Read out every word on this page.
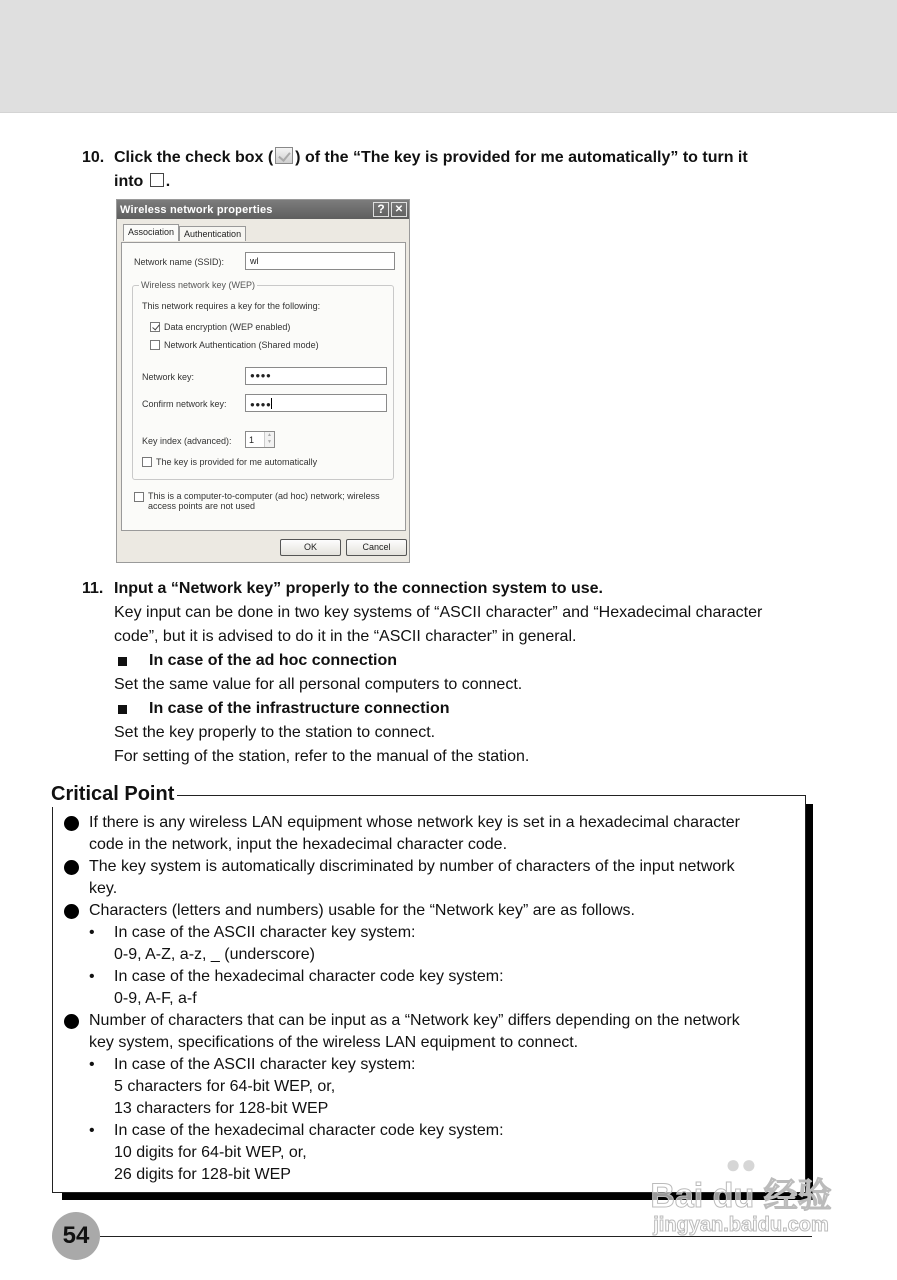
10. Click the check box ( ) of the “The key is provided for me automatically” to turn it
into .
Wireless network properties	?	✕
Association	Authentication
Network name (SSID):	wl
Wireless network key (WEP)
This network requires a key for the following:
Data encryption (WEP enabled)
Network Authentication (Shared mode)
Network key:	●●●●
Confirm network key:	●●●●
Key index (advanced):	1	▲
▼
The key is provided for me automatically
This is a computer-to-computer (ad hoc) network; wireless
access points are not used
OK	Cancel
11. Input a “Network key” properly to the connection system to use.
Key input can be done in two key systems of “ASCII character” and “Hexadecimal character
code”, but it is advised to do it in the “ASCII character” in general.
In case of the ad hoc connection
Set the same value for all personal computers to connect.
In case of the infrastructure connection
Set the key properly to the station to connect.
For setting of the station, refer to the manual of the station.
Critical Point
If there is any wireless LAN equipment whose network key is set in a hexadecimal character
code in the network, input the hexadecimal character code.
The key system is automatically discriminated by number of characters of the input network
key.
Characters (letters and numbers) usable for the “Network key” are as follows.
•
In case of the ASCII character key system:
0-9, A-Z, a-z, _ (underscore)
•
In case of the hexadecimal character code key system:
0-9, A-F, a-f
Number of characters that can be input as a “Network key” differs depending on the network
key system, specifications of the wireless LAN equipment to connect.
•
In case of the ASCII character key system:
5 characters for 64-bit WEP, or,
13 characters for 128-bit WEP
•
In case of the hexadecimal character code key system:
10 digits for 64-bit WEP, or,
26 digits for 128-bit WEP
54
●●

Bai du 经验
jingyan.baidu.com
